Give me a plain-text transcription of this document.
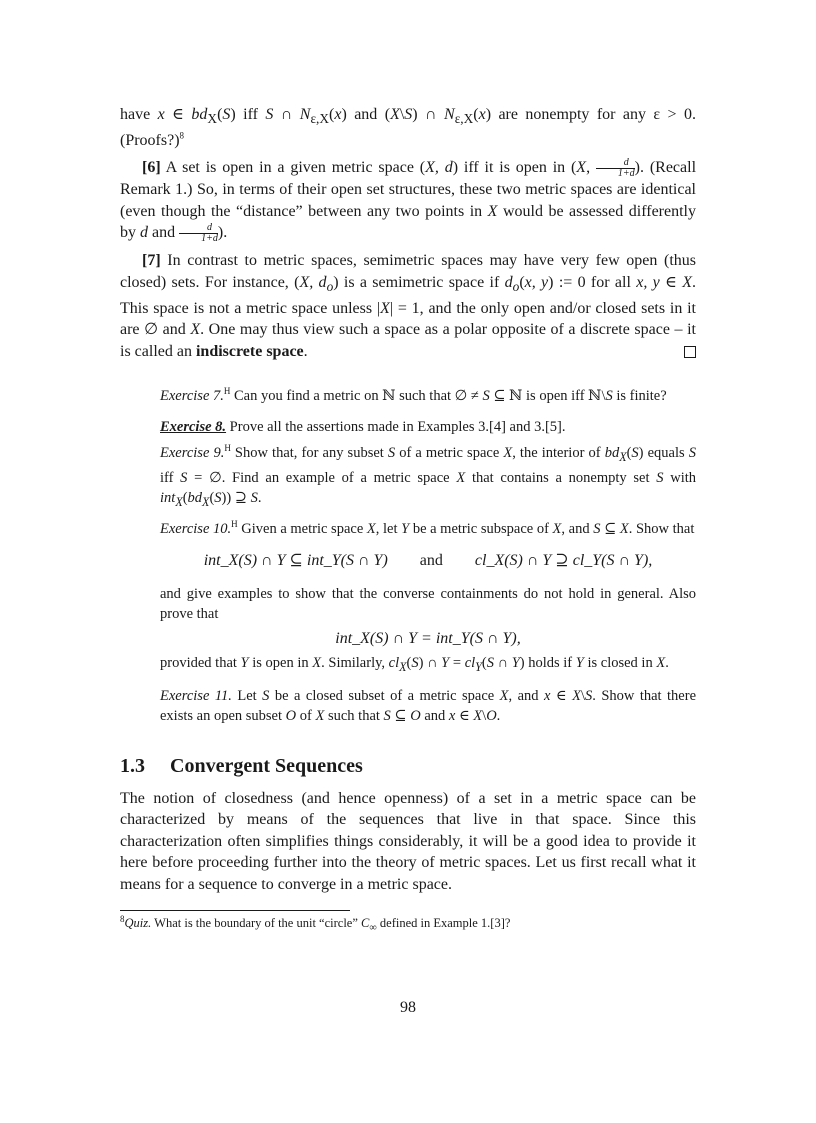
have x ∈ $bd_X(S)$ iff S ∩ $N_{\varepsilon,X}(x)$ and (X\S) ∩ $N_{\varepsilon,X}(x)$ are nonempty for any ε > 0. (Proofs?)$^8$

[6] A set is open in a given metric space (X, d) iff it is open in (X, $\frac{d}{1+d}$ ). (Recall Remark 1.) So, in terms of their open set structures, these two metric spaces are identical (even though the “distance” between any two points in X would be assessed differently by d and $\frac{d}{1+d}$ ).

[7] In contrast to metric spaces, semimetric spaces may have very few open (thus closed) sets. For instance, (X, $d_o$) is a semimetric space if $d_o(x$, y) := 0 for all x, y ∈ X. This space is not a metric space unless |X| = 1, and the only open and/or closed sets in it are ∅ and X. One may thus view such a space as a polar opposite of a discrete space – it is called an indiscrete space.

Exercise 7.$^H$ Can you find a metric on ℕ such that ∅ ≠ S ⊆ ℕ is open iff ℕ\S is finite?

Exercise 8. Prove all the assertions made in Examples 3.[4] and 3.[5].

Exercise 9.$^H$ Show that, for any subset S of a metric space X, the interior of $bd_X(S)$ equals S iff S = ∅. Find an example of a metric space X that contains a nonempty set S with $int_X(bd_X(S))$ ⊇ S.

Exercise 10.$^H$ Given a metric space X, let Y be a metric subspace of X, and S ⊆ X. Show that

int_X(S) ∩ Y ⊆ int_Y(S ∩ Y) and cl_X(S) ∩ Y ⊇ cl_Y(S ∩ Y),

and give examples to show that the converse containments do not hold in general. Also prove that

int_X(S) ∩ Y = int_Y(S ∩ Y),

provided that Y is open in X. Similarly, $cl_X(S)$ ∩ $Y = cl_Y(S$ ∩ Y) holds if Y is closed in X.

Exercise 11. Let S be a closed subset of a metric space X, and x ∈ X\S. Show that there exists an open subset O of X such that S ⊆ O and x ∈ X\O.

1.3 Convergent Sequences

The notion of closedness (and hence openness) of a set in a metric space can be characterized by means of the sequences that live in that space. Since this characterization often simplifies things considerably, it will be a good idea to provide it here before proceeding further into the theory of metric spaces. Let us first recall what it means for a sequence to converge in a metric space.

$^8$Quiz. What is the boundary of the unit “circle” $C_\infty$ defined in Example 1.[3]?
98
